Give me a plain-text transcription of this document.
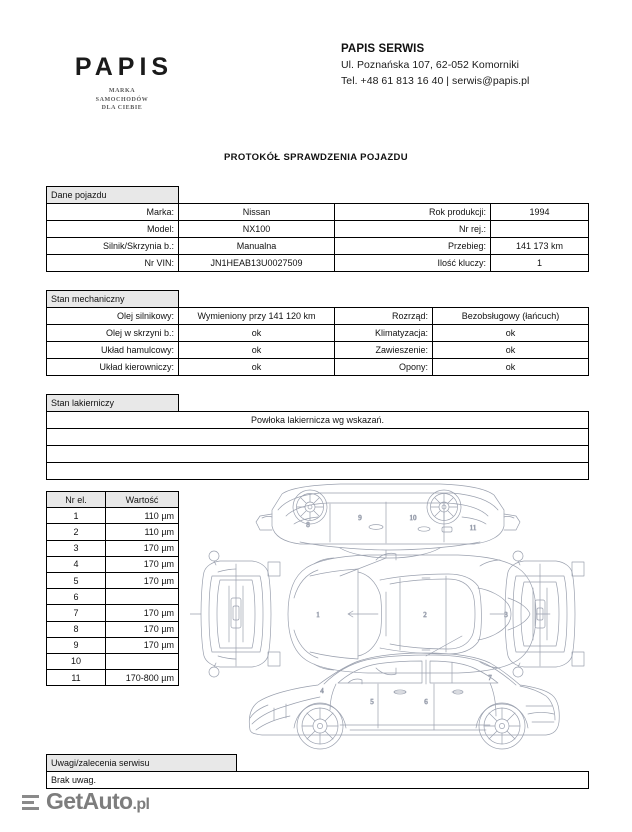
PAPIS
MARKA
SAMOCHODÓW
DLA CIEBIE
PAPIS SERWIS
Ul. Poznańska 107, 62-052 Komorniki
Tel. +48 61 813 16 40 | serwis@papis.pl
PROTOKÓŁ SPRAWDZENIA POJAZDU
Dane pojazdu			
Marka:	Nissan	Rok produkcji:	1994
Model:	NX100	Nr rej.:	
Silnik/Skrzynia b.:	Manualna	Przebieg:	141 173 km
Nr VIN:	JN1HEAB13U0027509	Ilość kluczy:	1
Stan mechaniczny			
Olej silnikowy:	Wymieniony przy 141 120 km	Rozrząd:	Bezobsługowy (łańcuch)
Olej w skrzyni b.:	ok	Klimatyzacja:	ok
Układ hamulcowy:	ok	Zawieszenie:	ok
Układ kierowniczy:	ok	Opony:	ok
Stan lakierniczy	
Powłoka lakiernicza wg wskazań.

Nr el.	Wartość
1	110 µm
2	110 µm
3	170 µm
4	170 µm
5	170 µm
6	
7	170 µm
8	170 µm
9	170 µm
10	
11	170-800 µm
8
9	10
11
1	2	3
4
5	6
7
Uwagi/zalecenia serwisu	
Brak uwag.
GetAuto.pl
